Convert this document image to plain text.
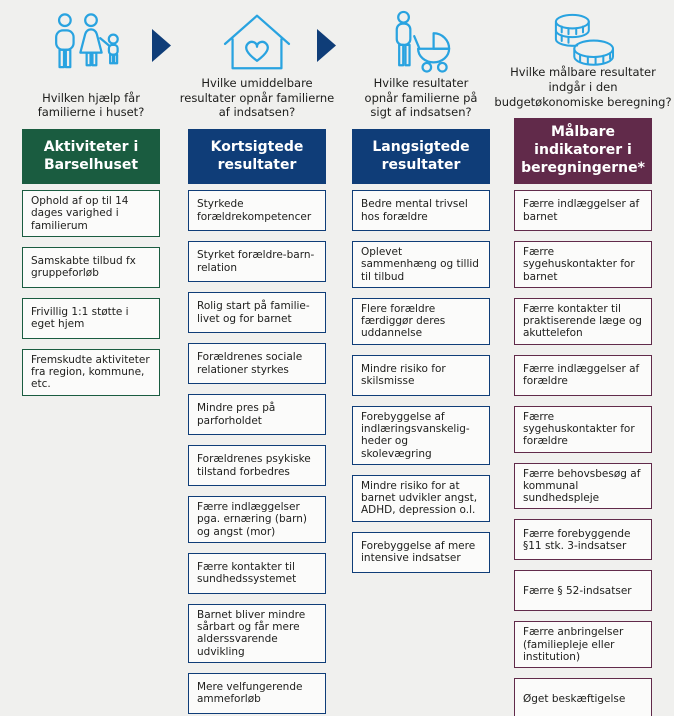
Hvilken hjælp får familierne i huset?
Aktiviteter i Barselhuset
Ophold af op til 14 dages varighed i familierum
Samskabte tilbud fx gruppeforløb
Frivillig 1:1 støtte i eget hjem
Fremskudte aktiviteter fra region, kommune, etc.
Hvilke umiddelbare resultater opnår familierne af indsatsen?
Kortsigtede resultater
Styrkede forældrekompetencer
Styrket forældre-barn-relation
Rolig start på familie-livet og for barnet
Forældrenes sociale relationer styrkes
Mindre pres på parforholdet
Forældrenes psykiske tilstand forbedres
Færre indlæggelser pga. ernæring (barn) og angst (mor)
Færre kontakter til sundhedssystemet
Barnet bliver mindre sårbart og får mere alderssvarende udvikling
Mere velfungerende ammeforløb
Hvilke resultater opnår familierne på sigt af indsatsen?
Langsigtede resultater
Bedre mental trivsel hos forældre
Oplevet sammenhæng og tillid til tilbud
Flere forældre færdiggør deres uddannelse
Mindre risiko for skilsmisse
Forebyggelse af indlæringsvanskelig-heder og skolevægring
Mindre risiko for at barnet udvikler angst, ADHD, depression o.l.
Forebyggelse af mere intensive indsatser
Hvilke målbare resultater indgår i den budgetøkonomiske beregning?
Målbare indikatorer i beregningerne*
Færre indlæggelser af barnet
Færre sygehuskontakter for barnet
Færre kontakter til praktiserende læge og akuttelefon
Færre indlæggelser af forældre
Færre sygehuskontakter for forældre
Færre behovsbesøg af kommunal sundhedspleje
Færre forebyggende §11 stk. 3-indsatser
Færre § 52-indsatser
Færre anbringelser (familiepleje eller institution)
Øget beskæftigelse
